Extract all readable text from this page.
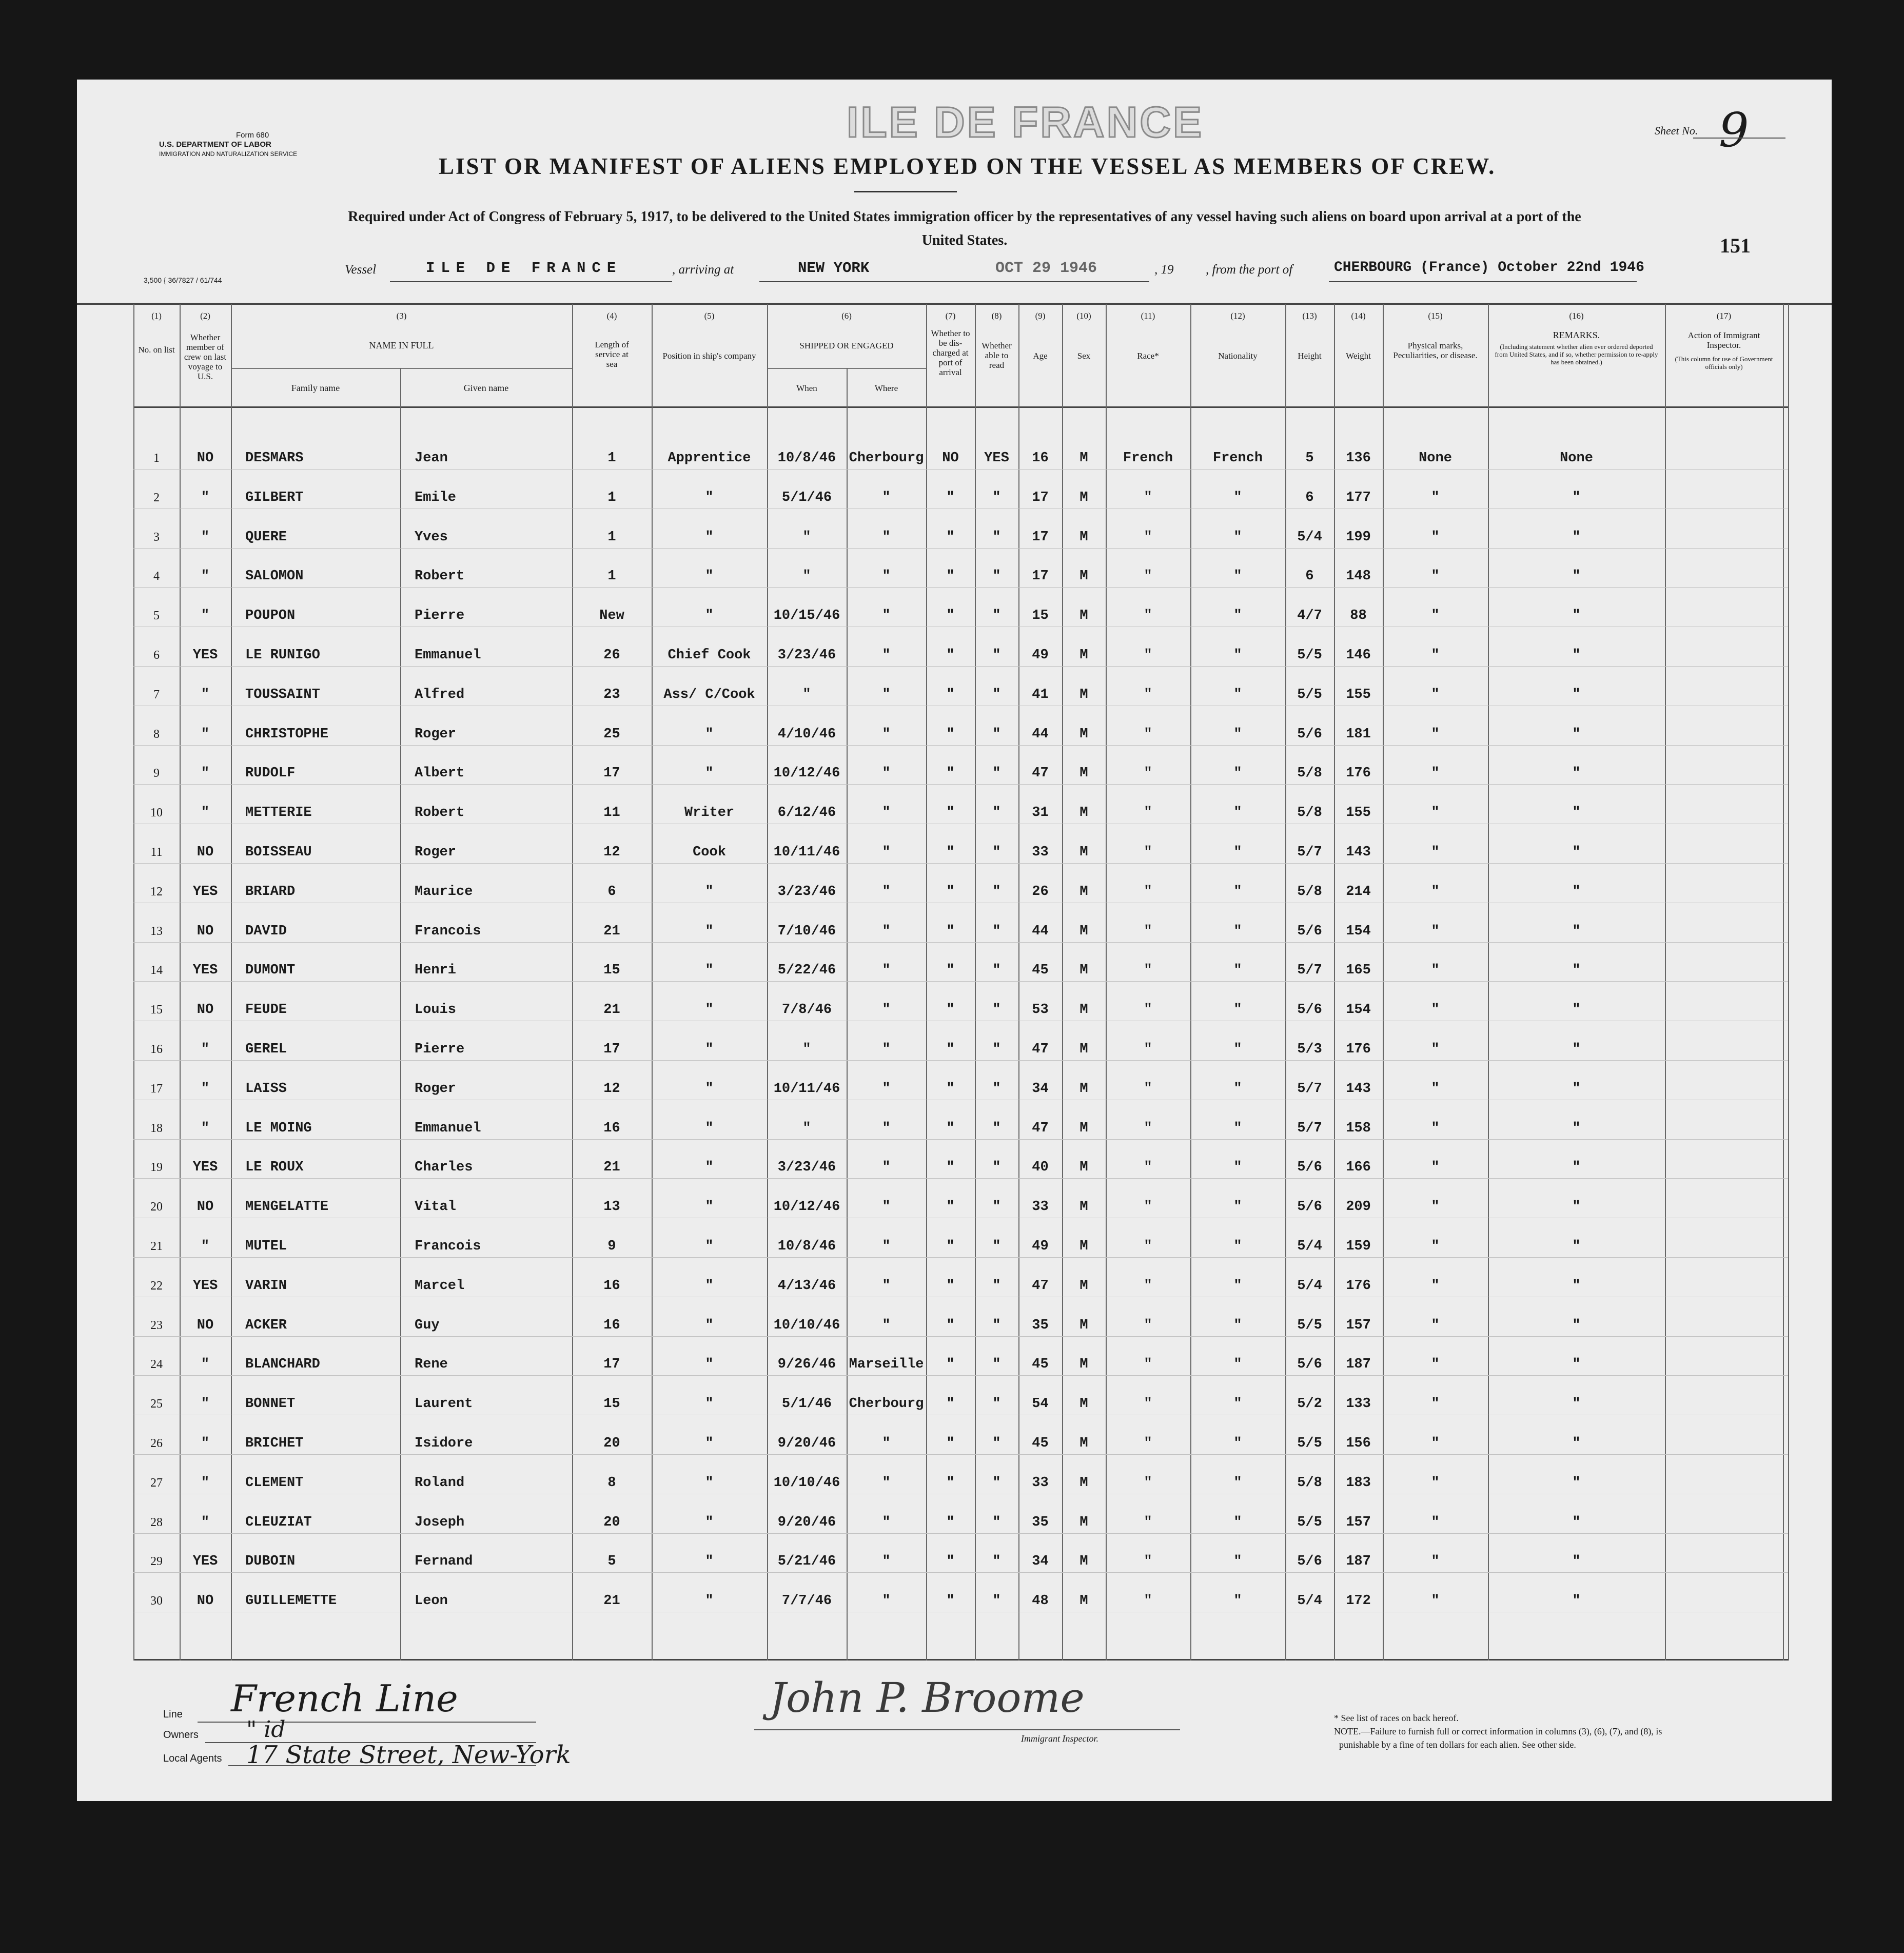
Form 680
U.S. DEPARTMENT OF LABOR
IMMIGRATION AND NATURALIZATION SERVICE
ILE DE FRANCE	Sheet No. 9
LIST OR MANIFEST OF ALIENS EMPLOYED ON THE VESSEL AS MEMBERS OF CREW.
Required under Act of Congress of February 5, 1917, to be delivered to the United States immigration officer by the representatives of any vessel having such aliens on board upon arrival at a port of the United States.	151
3,500 { 36/7827 / 61/744
Vessel	ILE DE FRANCE	, arriving at	NEW YORK	OCT 29 1946	, 19	, from the port of	CHERBOURG (France) October 22nd 1946
(1)
No. on list
(2)
Whether member of crew on last voyage to U.S.
(3)
NAME IN FULL
Family name	Given name
(4)
Length of service at sea
(5)
Position in ship's company
(6)
SHIPPED OR ENGAGED
When	Where
(7)
Whether to be dis-charged at port of arrival
(8)
Whether able to read
(9)
Age
(10)
Sex
(11)
Race*
(12)
Nationality
(13)
Height
(14)
Weight
(15)
Physical marks, Peculiarities, or disease.
(16)
REMARKS.
(Including statement whether alien ever ordered deported from United States, and if so, whether permission to re-apply has been obtained.)
(17)
Action of Immigrant Inspector.
(This column for use of Government officials only)
1	NO	DESMARS	Jean	1	Apprentice	10/8/46 Cherbourg	NO	YES	16	M	French	French	5	136	None	None
2	"	GILBERT	Emile	1	"	5/1/46	"	"	"	17	M	"	"	6	177	"	"
3	"	QUERE	Yves	1	"	"	"	"	"	17	M	"	"	5/4	199	"	"
4	"	SALOMON	Robert	1	"	"	"	"	"	17	M	"	"	6	148	"	"
5	"	POUPON	Pierre	New	"	10/15/46	"	"	"	15	M	"	"	4/7	88	"	"
6	YES	LE RUNIGO	Emmanuel	26	Chief Cook	3/23/46	"	"	"	49	M	"	"	5/5	146	"	"
7	"	TOUSSAINT	Alfred	23	Ass/ C/Cook	"	"	"	"	41	M	"	"	5/5	155	"	"
8	"	CHRISTOPHE	Roger	25	"	4/10/46	"	"	"	44	M	"	"	5/6	181	"	"
9	"	RUDOLF	Albert	17	"	10/12/46	"	"	"	47	M	"	"	5/8	176	"	"
10	"	METTERIE	Robert	11	Writer	6/12/46	"	"	"	31	M	"	"	5/8	155	"	"
11	NO	BOISSEAU	Roger	12	Cook	10/11/46	"	"	"	33	M	"	"	5/7	143	"	"
12	YES	BRIARD	Maurice	6	"	3/23/46	"	"	"	26	M	"	"	5/8	214	"	"
13	NO	DAVID	Francois	21	"	7/10/46	"	"	"	44	M	"	"	5/6	154	"	"
14	YES	DUMONT	Henri	15	"	5/22/46	"	"	"	45	M	"	"	5/7	165	"	"
15	NO	FEUDE	Louis	21	"	7/8/46	"	"	"	53	M	"	"	5/6	154	"	"
16	"	GEREL	Pierre	17	"	"	"	"	"	47	M	"	"	5/3	176	"	"
17	"	LAISS	Roger	12	"	10/11/46	"	"	"	34	M	"	"	5/7	143	"	"
18	"	LE MOING	Emmanuel	16	"	"	"	"	"	47	M	"	"	5/7	158	"	"
19	YES	LE ROUX	Charles	21	"	3/23/46	"	"	"	40	M	"	"	5/6	166	"	"
20	NO	MENGELATTE	Vital	13	"	10/12/46	"	"	"	33	M	"	"	5/6	209	"	"
21	"	MUTEL	Francois	9	"	10/8/46	"	"	"	49	M	"	"	5/4	159	"	"
22	YES	VARIN	Marcel	16	"	4/13/46	"	"	"	47	M	"	"	5/4	176	"	"
23	NO	ACKER	Guy	16	"	10/10/46	"	"	"	35	M	"	"	5/5	157	"	"
24	"	BLANCHARD	Rene	17	"	9/26/46 Marseille	"	"	45	M	"	"	5/6	187	"	"
25	"	BONNET	Laurent	15	"	5/1/46	Cherbourg	"	"	54	M	"	"	5/2	133	"	"
26	"	BRICHET	Isidore	20	"	9/20/46	"	"	"	45	M	"	"	5/5	156	"	"
27	"	CLEMENT	Roland	8	"	10/10/46	"	"	"	33	M	"	"	5/8	183	"	"
28	"	CLEUZIAT	Joseph	20	"	9/20/46	"	"	"	35	M	"	"	5/5	157	"	"
29	YES	DUBOIN	Fernand	5	"	5/21/46	"	"	"	34	M	"	"	5/6	187	"	"
30	NO	GUILLEMETTE	Leon	21	"	7/7/46	"	"	"	48	M	"	"	5/4	172	"	"
Line French Line
Owners " id
Local Agents 17 State Street, New-York
John P. Broome
Immigrant Inspector.
* See list of races on back hereof.
NOTE.—Failure to furnish full or correct information in columns (3), (6), (7), and (8), is
punishable by a fine of ten dollars for each alien. See other side.
